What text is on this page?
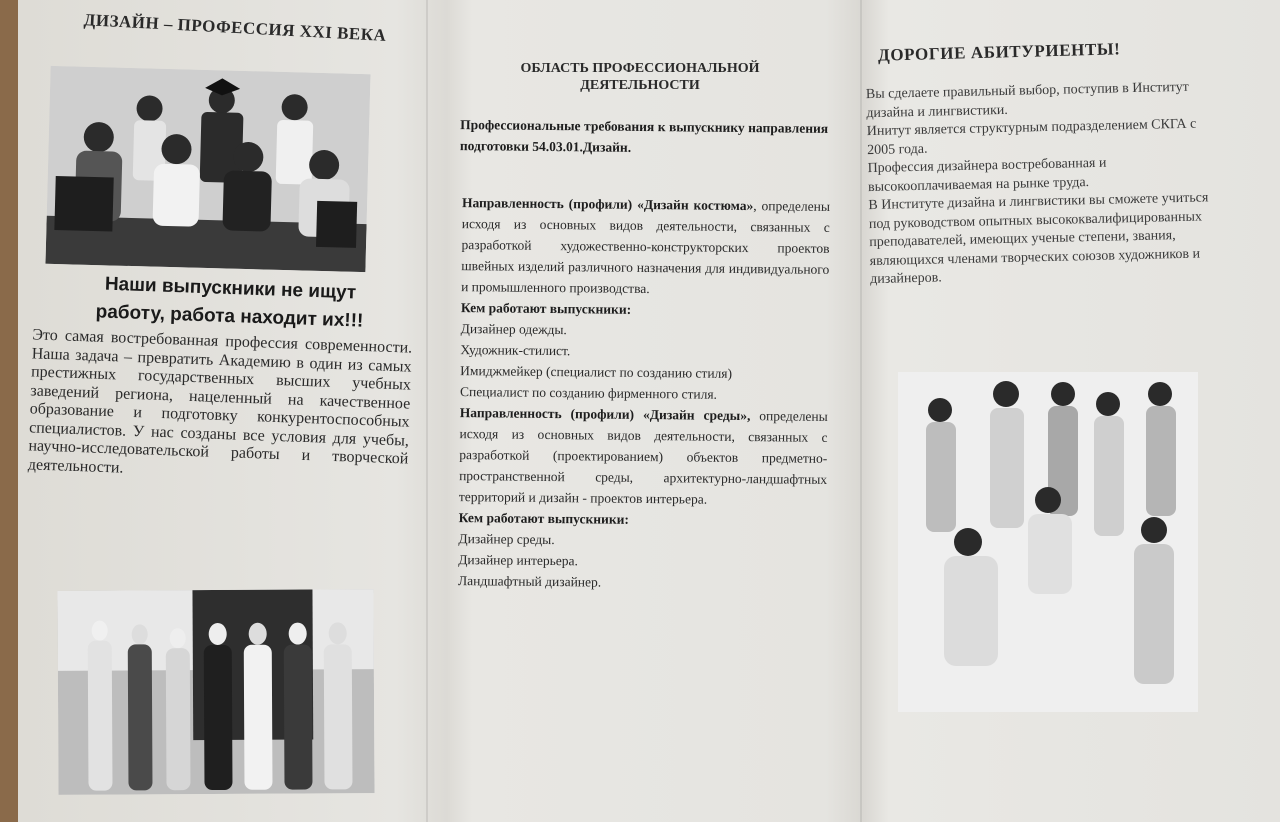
ДИЗАЙН – ПРОФЕССИЯ XXI ВЕКА
Наши выпускники не ищут работу, работа находит их!!!
Это самая востребованная профессия современности. Наша задача – превратить Академию в один из самых престижных государственных высших учебных заведений региона, нацеленный на качественное образование и подготовку конкурентоспособных специалистов. У нас созданы все условия для учебы, научно-исследовательской работы и творческой деятельности.
ОБЛАСТЬ ПРОФЕССИОНАЛЬНОЙ ДЕЯТЕЛЬНОСТИ
Профессиональные требования к выпускнику направления подготовки 54.03.01.Дизайн.
Направленность (профили) «Дизайн костюма», определены исходя из основных видов деятельности, связанных с разработкой художественно-конструкторских проектов швейных изделий различного назначения для индивидуального и промышленного производства.
Кем работают выпускники:
Дизайнер одежды.
Художник-стилист.
Имиджмейкер (специалист по созданию стиля)
Специалист по созданию фирменного стиля.
Направленность (профили) «Дизайн среды», определены исходя из основных видов деятельности, связанных с разработкой (проектированием) объектов предметно-пространственной среды, архитектурно-ландшафтных территорий и дизайн - проектов интерьера.
Кем работают выпускники:
Дизайнер среды.
Дизайнер интерьера.
Ландшафтный дизайнер.
ДОРОГИЕ АБИТУРИЕНТЫ!
Вы сделаете правильный выбор, поступив в Институт дизайна и лингвистики.
Инитут является структурным подразделением СКГА с 2005 года.
Профессия дизайнера востребованная и высокооплачиваемая на рынке труда.
В Институте дизайна и лингвистики вы сможете учиться под руководством опытных высококвалифицированных преподавателей, имеющих ученые степени, звания, являющихся членами творческих союзов художников и дизайнеров.
